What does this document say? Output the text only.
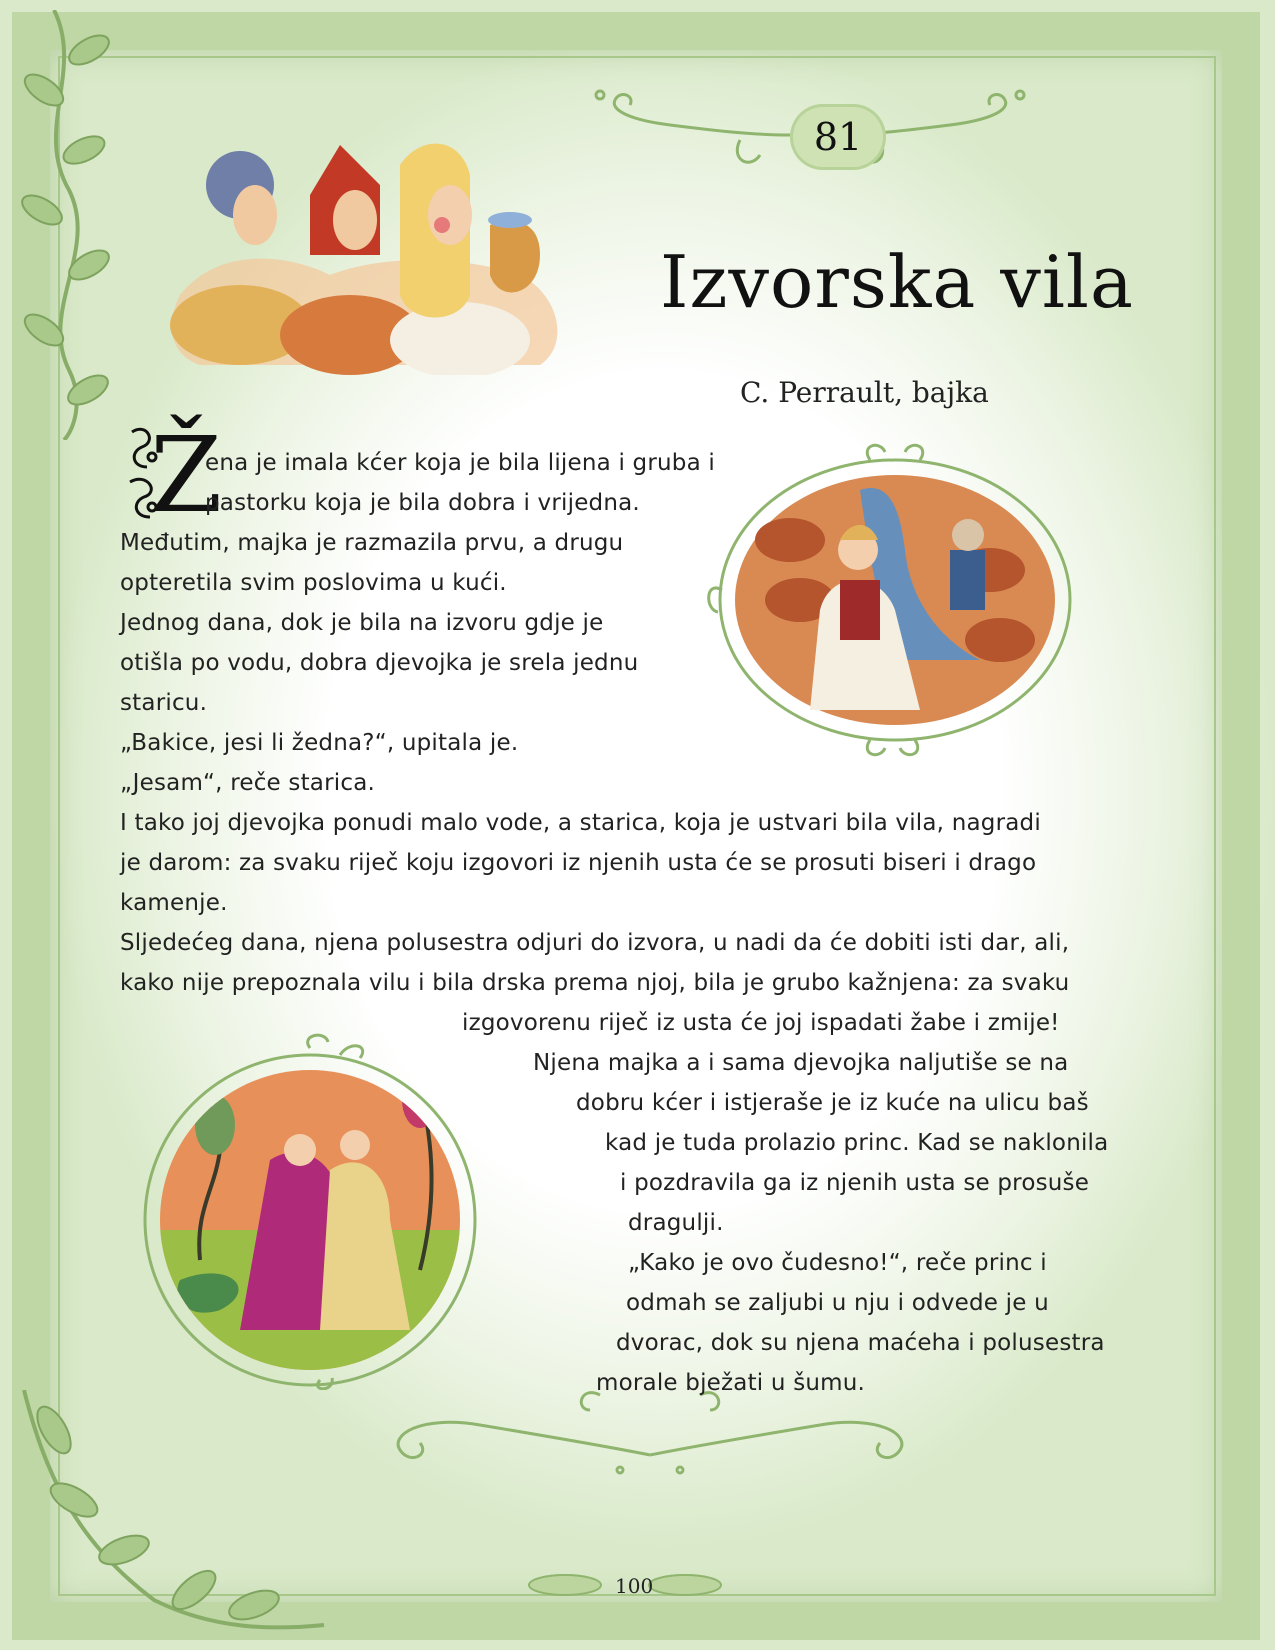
81
Izvorska vila
C. Perrault, bajka
Ž
100
ena je imala kćer koja je bila lijena i gruba i
pastorku koja je bila dobra i vrijedna.
Međutim, majka je razmazila prvu, a drugu
opteretila svim poslovima u kući.
Jednog dana, dok je bila na izvoru gdje je
otišla po vodu, dobra djevojka je srela jednu
staricu.
„Bakice, jesi li žedna?“, upitala je.
„Jesam“, reče starica.
I tako joj djevojka ponudi malo vode, a starica, koja je ustvari bila vila, nagradi
je darom: za svaku riječ koju izgovori iz njenih usta će se prosuti biseri i drago
kamenje.
Sljedećeg dana, njena polusestra odjuri do izvora, u nadi da će dobiti isti dar, ali,
kako nije prepoznala vilu i bila drska prema njoj, bila je grubo kažnjena: za svaku
izgovorenu riječ iz usta će joj ispadati žabe i zmije!
Njena majka a i sama djevojka naljutiše se na
dobru kćer i istjeraše je iz kuće na ulicu baš
kad je tuda prolazio princ. Kad se naklonila
i pozdravila ga iz njenih usta se prosuše
dragulji.
„Kako je ovo čudesno!“, reče princ i
odmah se zaljubi u nju i odvede je u
dvorac, dok su njena maćeha i polusestra
morale bježati u šumu.
